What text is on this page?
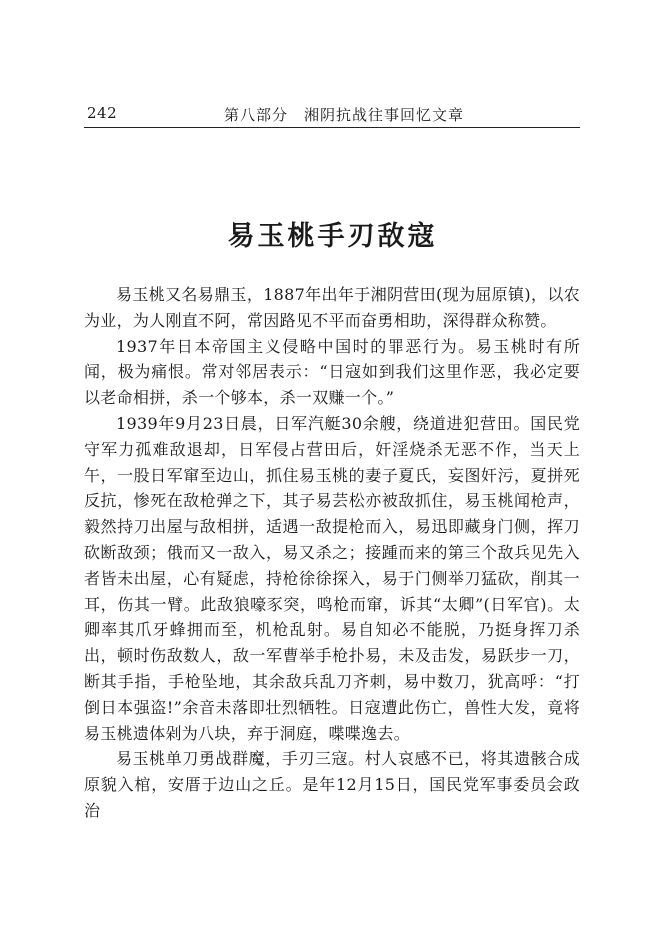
242	第八部分　湘阴抗战往事回忆文章
易玉桃手刃敌寇

易玉桃又名易鼎玉，1887年出年于湘阴营田(现为屈原镇)，以农为业，为人刚直不阿，常因路见不平而奋勇相助，深得群众称赞。

1937年日本帝国主义侵略中国时的罪恶行为。易玉桃时有所闻，极为痛恨。常对邻居表示：“日寇如到我们这里作恶，我必定要以老命相拼，杀一个够本，杀一双赚一个。”

1939年9月23日晨，日军汽艇30余艘，绕道进犯营田。国民党守军力孤难敌退却，日军侵占营田后，奸淫烧杀无恶不作，当天上午，一股日军窜至边山，抓住易玉桃的妻子夏氏，妄图奸污，夏拼死反抗，惨死在敌枪弹之下，其子易芸松亦被敌抓住，易玉桃闻枪声，毅然持刀出屋与敌相拼，适遇一敌提枪而入，易迅即藏身门侧，挥刀砍断敌颈；俄而又一敌入，易又杀之；接踵而来的第三个敌兵见先入者皆未出屋，心有疑虑，持枪徐徐探入，易于门侧举刀猛砍，削其一耳，伤其一臂。此敌狼嚎豕突，鸣枪而窜，诉其“太卿”(日军官)。太卿率其爪牙蜂拥而至，机枪乱射。易自知必不能脱，乃挺身挥刀杀出，顿时伤敌数人，敌一军曹举手枪扑易，未及击发，易跃步一刀，断其手指，手枪坠地，其余敌兵乱刀齐刺，易中数刀，犹高呼：“打倒日本强盗!”余音未落即壮烈牺牲。日寇遭此伤亡，兽性大发，竟将易玉桃遗体剁为八块，弃于洞庭，喋喋逸去。

易玉桃单刀勇战群魔，手刃三寇。村人哀感不已，将其遗骸合成原貌入棺，安厝于边山之丘。是年12月15日，国民党军事委员会政治
